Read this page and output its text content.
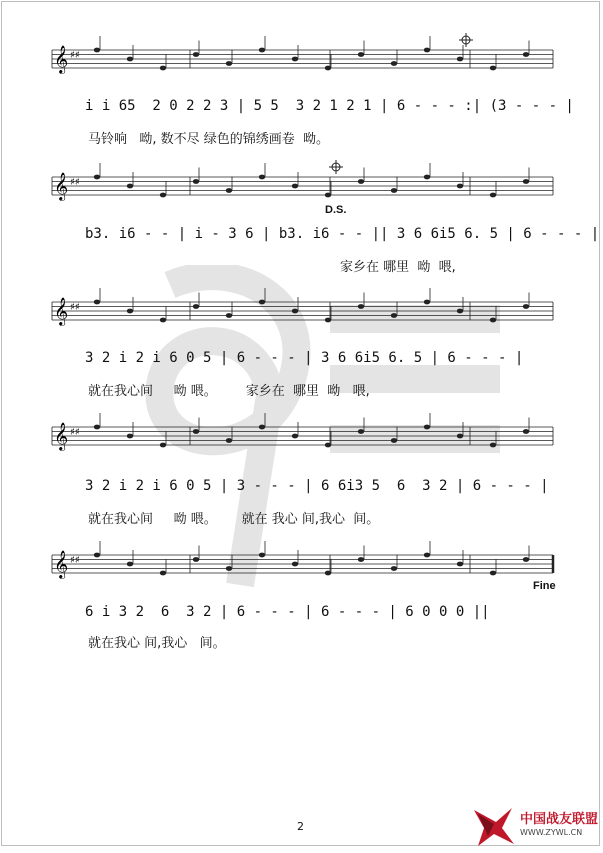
𝄞 ♯♯
𝄞 ♯♯
𝄞 ♯♯
𝄞 ♯♯
𝄞 ♯♯
i i 65  2 0 2 2 3 | 5 5  3 2 1 2 1 | 6 - - - :| (3 - - - |
马铃响   呦, 数不尽 绿色的锦绣画卷  呦。
b3. i6 - - | i - 3 6 | b3. i6 - - || 3 6 6i5 6. 5 | 6 - - - |
家乡在 哪里  呦  喂,
3 2 i 2 i 6 0 5 | 6 - - - | 3 6 6i5 6. 5 | 6 - - - |
就在我心间     呦 喂。       家乡在  哪里  呦   喂,
3 2 i 2 i 6 0 5 | 3 - - - | 6 6i3 5  6  3 2 | 6 - - - |
就在我心间     呦 喂。      就在 我心 间,我心  间。
6 i 3 2  6  3 2 | 6 - - - | 6 - - - | 6 0 0 0 ||
就在我心 间,我心   间。
D.S.
Fine
2	中国战友联盟
WWW.ZYWL.CN
